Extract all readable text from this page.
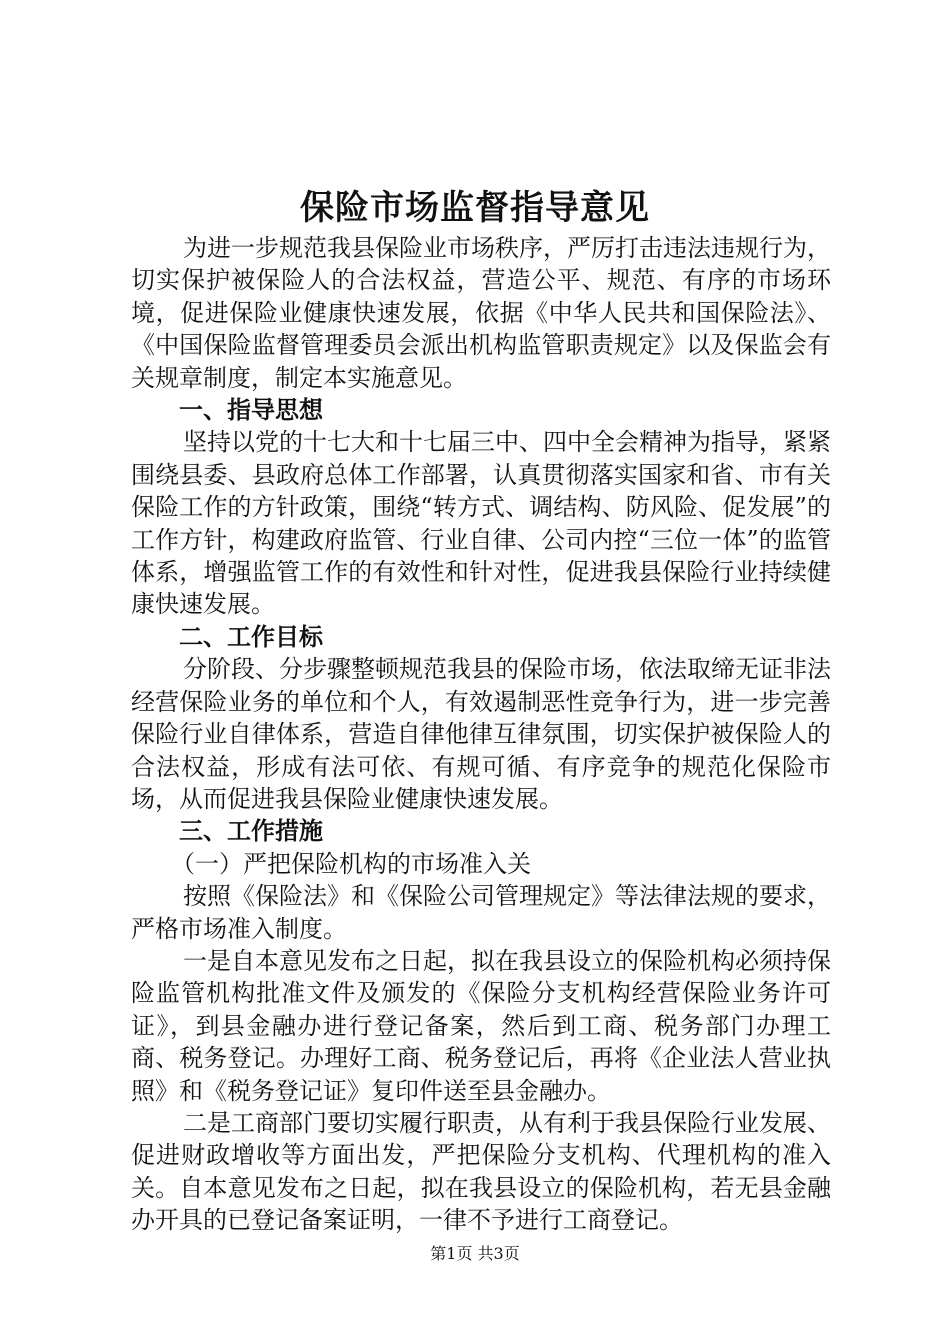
保险市场监督指导意见

为进一步规范我县保险业市场秩序，严厉打击违法违规行为，切实保护被保险人的合法权益，营造公平、规范、有序的市场环境，促进保险业健康快速发展，依据《中华人民共和国保险法》、《中国保险监督管理委员会派出机构监管职责规定》以及保监会有关规章制度，制定本实施意见。

一、指导思想

坚持以党的十七大和十七届三中、四中全会精神为指导，紧紧围绕县委、县政府总体工作部署，认真贯彻落实国家和省、市有关保险工作的方针政策，围绕“转方式、调结构、防风险、促发展”的工作方针，构建政府监管、行业自律、公司内控“三位一体”的监管体系，增强监管工作的有效性和针对性，促进我县保险行业持续健康快速发展。

二、工作目标

分阶段、分步骤整顿规范我县的保险市场，依法取缔无证非法经营保险业务的单位和个人，有效遏制恶性竞争行为，进一步完善保险行业自律体系，营造自律他律互律氛围，切实保护被保险人的合法权益，形成有法可依、有规可循、有序竞争的规范化保险市场，从而促进我县保险业健康快速发展。

三、工作措施

（一）严把保险机构的市场准入关

按照《保险法》和《保险公司管理规定》等法律法规的要求，严格市场准入制度。

一是自本意见发布之日起，拟在我县设立的保险机构必须持保险监管机构批准文件及颁发的《保险分支机构经营保险业务许可证》，到县金融办进行登记备案，然后到工商、税务部门办理工商、税务登记。办理好工商、税务登记后，再将《企业法人营业执照》和《税务登记证》复印件送至县金融办。

二是工商部门要切实履行职责，从有利于我县保险行业发展、促进财政增收等方面出发，严把保险分支机构、代理机构的准入关。自本意见发布之日起，拟在我县设立的保险机构，若无县金融办开具的已登记备案证明，一律不予进行工商登记。

第1页 共3页
